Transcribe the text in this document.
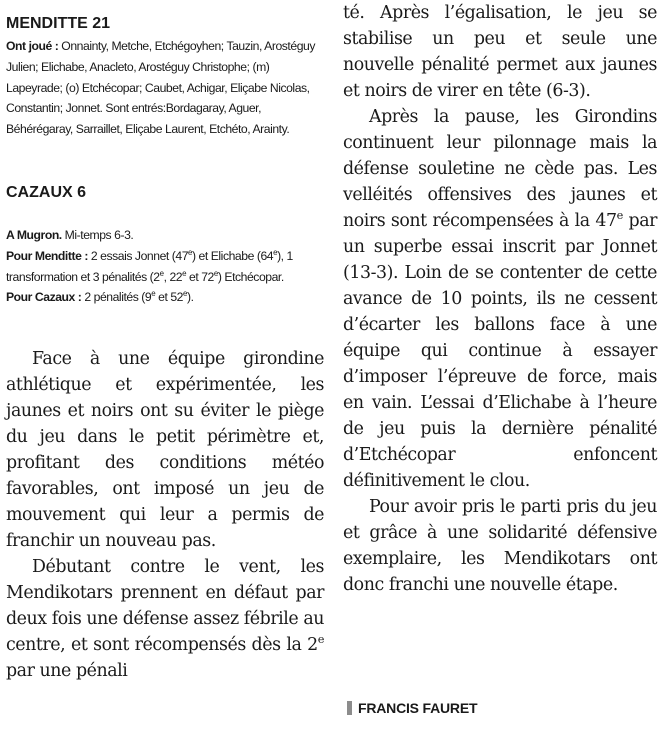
MENDITTE 21

Ont joué : Onnainty, Metche, Etchégoyhen; Tauzin, Arostéguy Julien; Elichabe, Anacleto, Arostéguy Christophe; (m) Lapeyrade; (o) Etchécopar; Caubet, Achigar, Eliçabe Nicolas, Constantin; Jonnet. Sont entrés:Bordagaray, Aguer, Béhérégaray, Sarraillet, Eliçabe Laurent, Etchéto, Arainty.

CAZAUX 6

A Mugron. Mi-temps 6-3.

Pour Menditte : 2 essais Jonnet (47e) et Elichabe (64e), 1 transformation et 3 pénalités (2e, 22e et 72e) Etchécopar.

Pour Cazaux : 2 pénalités (9e et 52e).

Face à une équipe girondine athlétique et expérimentée, les jaunes et noirs ont su éviter le piège du jeu dans le petit périmètre et, profitant des conditions météo favorables, ont imposé un jeu de mouvement qui leur a permis de franchir un nouveau pas.

Débutant contre le vent, les Mendikotars prennent en défaut par deux fois une défense assez fébrile au centre, et sont récompensés dès la 2e par une pénali

té. Après l’égalisation, le jeu se stabilise un peu et seule une nouvelle pénalité permet aux jaunes et noirs de virer en tête (6-3).

Après la pause, les Girondins continuent leur pilonnage mais la défense souletine ne cède pas. Les velléités offensives des jaunes et noirs sont récompensées à la 47e par un superbe essai inscrit par Jonnet (13-3). Loin de se contenter de cette avance de 10 points, ils ne cessent d’écarter les ballons face à une équipe qui continue à essayer d’imposer l’épreuve de force, mais en vain. L’essai d’Elichabe à l’heure de jeu puis la dernière pénalité d’Etchécopar enfoncent définitivement le clou.

Pour avoir pris le parti pris du jeu et grâce à une solidarité défensive exemplaire, les Mendikotars ont donc franchi une nouvelle étape.

FRANCIS FAURET
